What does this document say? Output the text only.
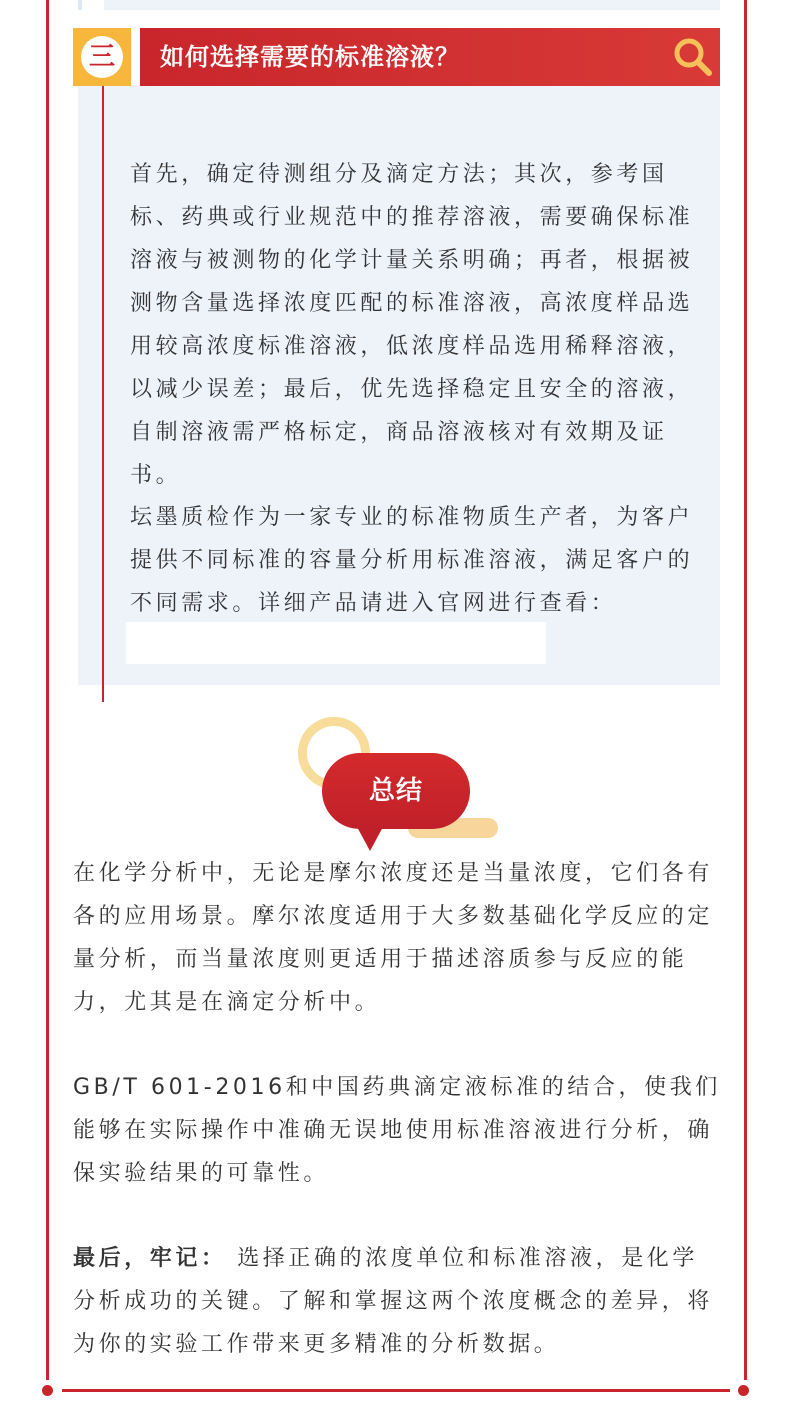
三	如何选择需要的标准溶液？

首先，确定待测组分及滴定方法；其次，参考国标、药典或行业规范中的推荐溶液，需要确保标准溶液与被测物的化学计量关系明确；再者，根据被测物含量选择浓度匹配的标准溶液，高浓度样品选用较高浓度标准溶液，低浓度样品选用稀释溶液，以减少误差；最后，优先选择稳定且安全的溶液，自制溶液需严格标定，商品溶液核对有效期及证书。

坛墨质检作为一家专业的标准物质生产者，为客户提供不同标准的容量分析用标准溶液，满足客户的不同需求。详细产品请进入官网进行查看：

总结

在化学分析中，无论是摩尔浓度还是当量浓度，它们各有各的应用场景。摩尔浓度适用于大多数基础化学反应的定量分析，而当量浓度则更适用于描述溶质参与反应的能力，尤其是在滴定分析中。

GB/T 601-2016和中国药典滴定液标准的结合，使我们能够在实际操作中准确无误地使用标准溶液进行分析，确保实验结果的可靠性。

最后，牢记： 选择正确的浓度单位和标准溶液，是化学分析成功的关键。了解和掌握这两个浓度概念的差异，将为你的实验工作带来更多精准的分析数据。
